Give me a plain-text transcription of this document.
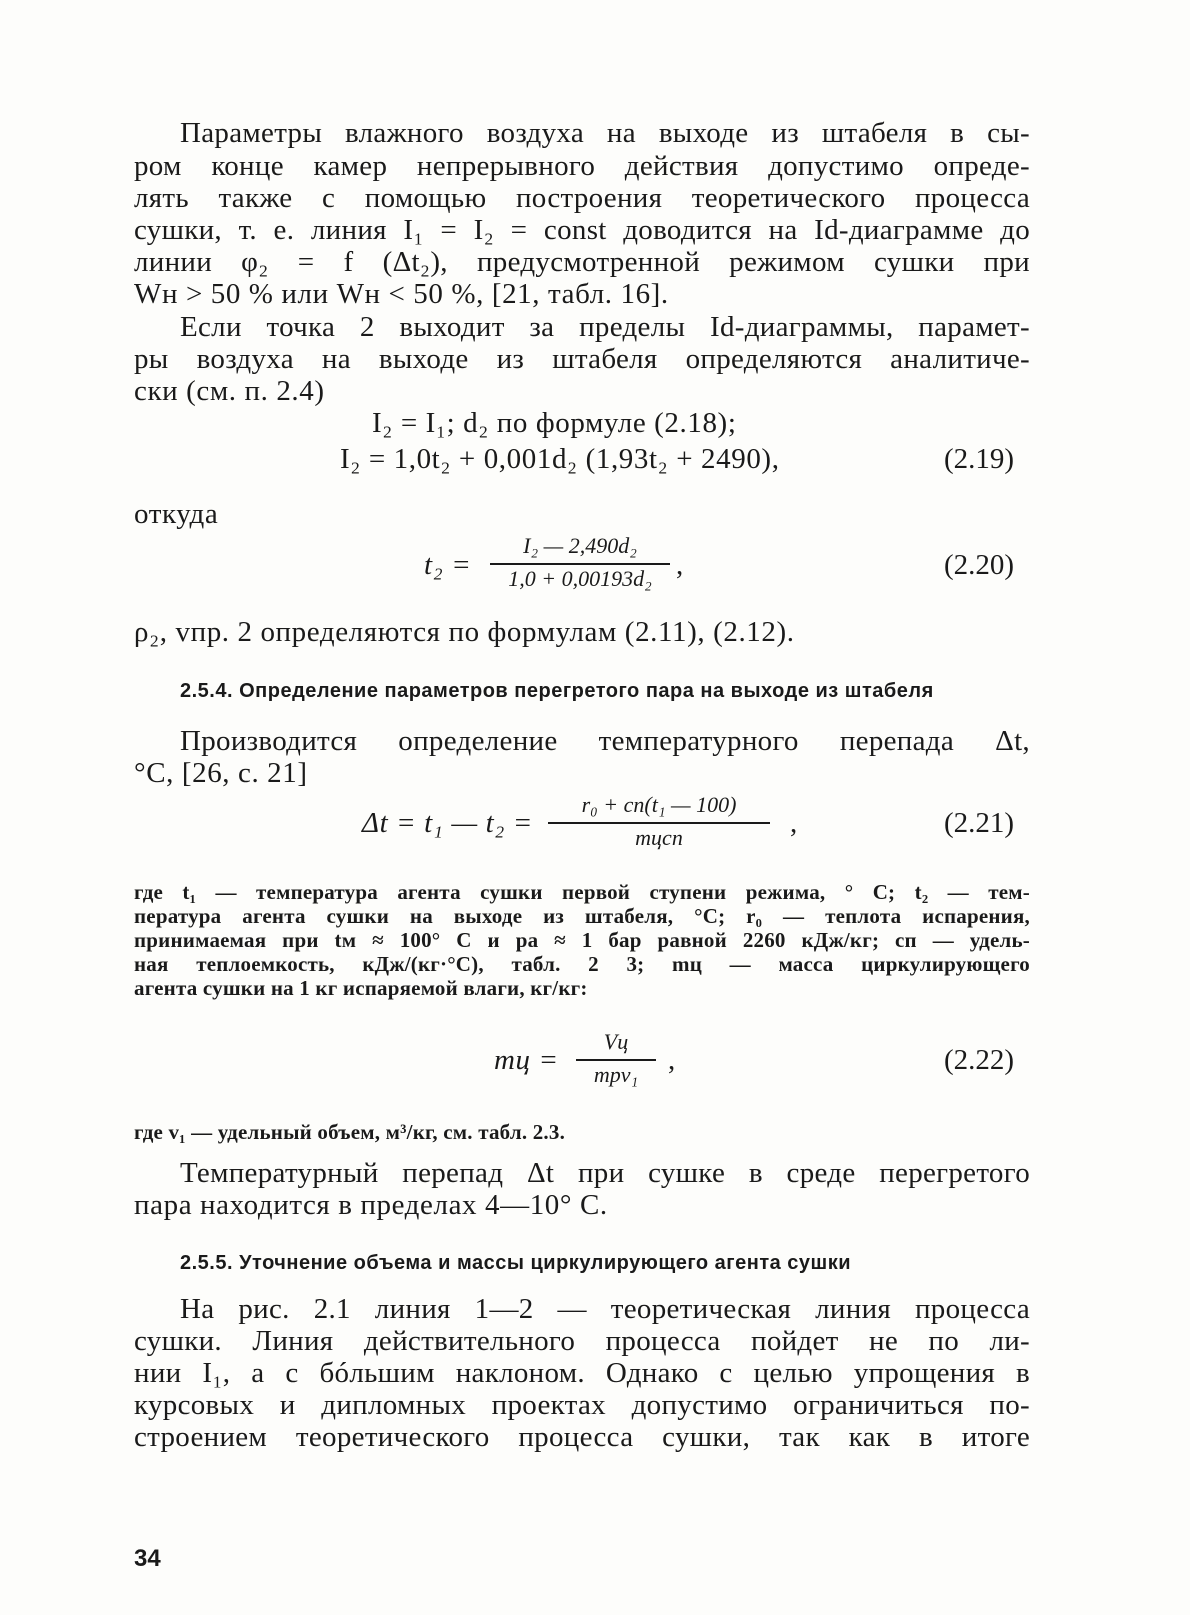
Параметры влажного воздуха на выходе из штабеля в сы-
ром конце камер непрерывного действия допустимо опреде-
лять также с помощью построения теоретического процесса
сушки, т. е. линия I₁ = I₂ = const доводится на Id-диаграмме до
линии φ₂ = f (Δt₂), предусмотренной режимом сушки при
Wн > 50 % или Wн < 50 %, [21, табл. 16].
Если точка 2 выходит за пределы Id-диаграммы, парамет-
ры воздуха на выходе из штабеля определяются аналитиче-
ски (см. п. 2.4)
I₂ = I₁; d₂ по формуле (2.18);
I₂ = 1,0t₂ + 0,001d₂ (1,93t₂ + 2490),	(2.19)
откуда
t₂ =
I₂ — 2,490d₂
1,0 + 0,00193d₂ ,	(2.20)
ρ₂, vпр. 2 определяются по формулам (2.11), (2.12).
2.5.4. Определение параметров перегретого пара на выходе из штабеля
Производится определение температурного перепада Δt,
°С, [26, с. 21]
Δt = t₁ — t₂ =
r₀ + cп(t₁ — 100)
mцcп	,	(2.21)
где t₁ — температура агента сушки первой ступени режима, ° С; t₂ — тем-
пература агента сушки на выходе из штабеля, °С; r₀ — теплота испарения,
принимаемая при tм ≈ 100° С и pа ≈ 1 бар равной 2260 кДж/кг; cп — удель-
ная теплоемкость, кДж/(кг·°С), табл. 2 3; mц — масса циркулирующего
агента сушки на 1 кг испаряемой влаги, кг/кг:
mц =
Vц
mрv₁	,	(2.22)
где v₁ — удельный объем, м³/кг, см. табл. 2.3.
Температурный перепад Δt при сушке в среде перегретого
пара находится в пределах 4—10° С.
2.5.5. Уточнение объема и массы циркулирующего агента сушки
На рис. 2.1 линия 1—2 — теоретическая линия процесса
сушки. Линия действительного процесса пойдет не по ли-
нии I₁, а с бóльшим наклоном. Однако с целью упрощения в
курсовых и дипломных проектах допустимо ограничиться по-
строением теоретического процесса сушки, так как в итоге
34
